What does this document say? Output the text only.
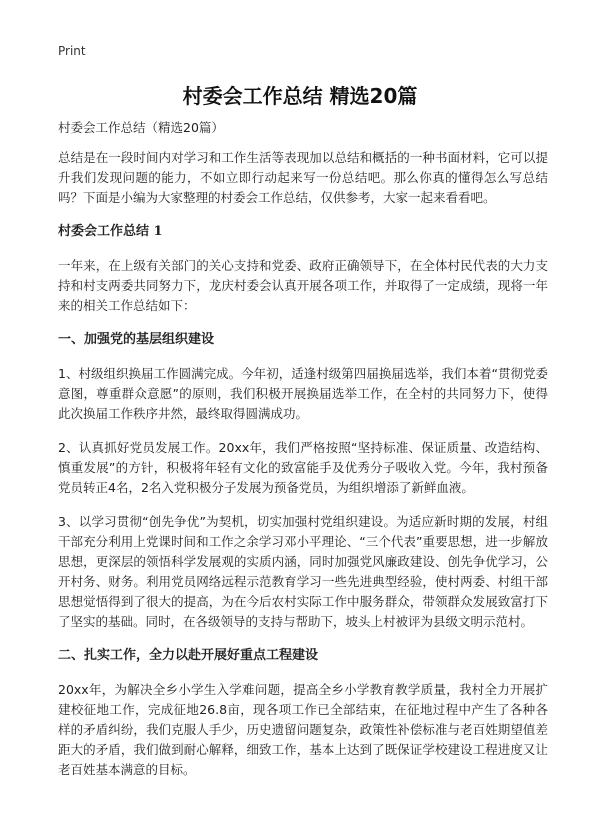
Print
村委会工作总结 精选20篇

村委会工作总结（精选20篇）

总结是在一段时间内对学习和工作生活等表现加以总结和概括的一种书面材料，它可以提升我们发现问题的能力，不如立即行动起来写一份总结吧。那么你真的懂得怎么写总结吗？下面是小编为大家整理的村委会工作总结，仅供参考，大家一起来看看吧。

村委会工作总结 1

一年来，在上级有关部门的关心支持和党委、政府正确领导下，在全体村民代表的大力支持和村支两委共同努力下，龙庆村委会认真开展各项工作，并取得了一定成绩，现将一年来的相关工作总结如下：

一、加强党的基层组织建设

1、村级组织换届工作圆满完成。今年初，适逢村级第四届换届选举，我们本着“贯彻党委意图，尊重群众意愿”的原则，我们积极开展换届选举工作，在全村的共同努力下，使得此次换届工作秩序井然，最终取得圆满成功。

2、认真抓好党员发展工作。20xx年，我们严格按照“坚持标准、保证质量、改造结构、慎重发展”的方针，积极将年轻有文化的致富能手及优秀分子吸收入党。今年，我村预备党员转正4名，2名入党积极分子发展为预备党员，为组织增添了新鲜血液。

3、以学习贯彻“创先争优”为契机，切实加强村党组织建设。为适应新时期的发展，村组干部充分利用上党课时间和工作之余学习邓小平理论、“三个代表”重要思想，进一步解放思想，更深层的领悟科学发展观的实质内涵，同时加强党风廉政建设、创先争优学习，公开村务、财务。利用党员网络远程示范教育学习一些先进典型经验，使村两委、村组干部思想觉悟得到了很大的提高，为在今后农村实际工作中服务群众，带领群众发展致富打下了坚实的基础。同时，在各级领导的支持与帮助下，坡头上村被评为县级文明示范村。

二、扎实工作，全力以赴开展好重点工程建设

20xx年，为解决全乡小学生入学难问题，提高全乡小学教育教学质量，我村全力开展扩建校征地工作，完成征地26.8亩，现各项工作已全部结束，在征地过程中产生了各种各样的矛盾纠纷，我们克服人手少，历史遗留问题复杂，政策性补偿标准与老百姓期望值差距大的矛盾，我们做到耐心解释，细致工作，基本上达到了既保证学校建设工程进度又让老百姓基本满意的目标。
